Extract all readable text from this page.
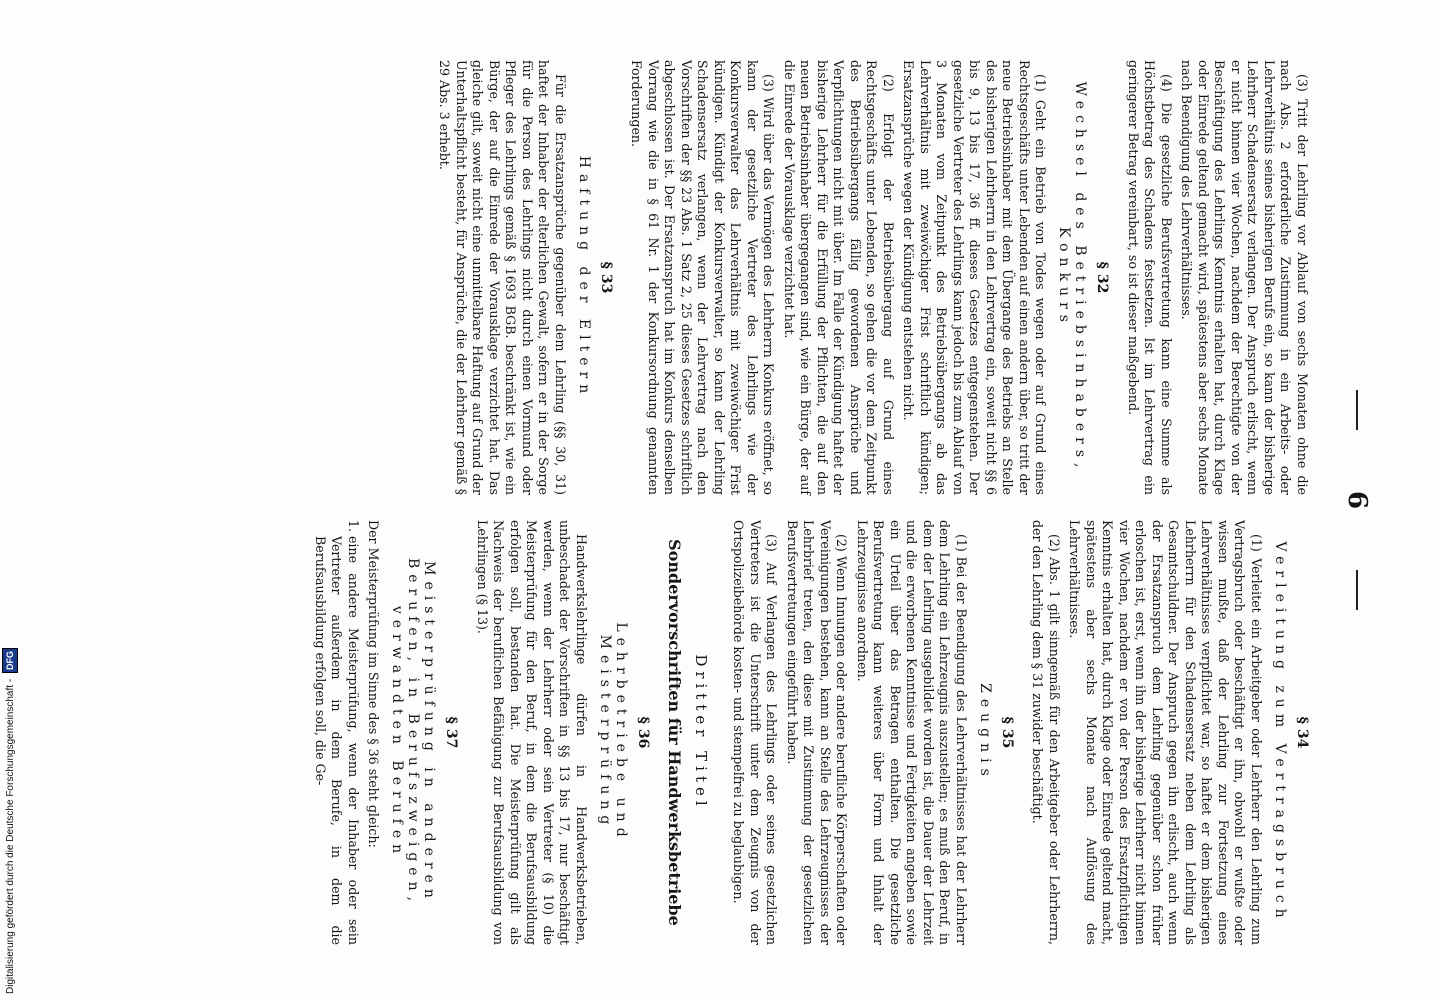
6

(3) Tritt der Lehrling vor Ablauf von sechs Monaten ohne die nach Abs. 2 erforderliche Zustimmung in ein Arbeits- oder Lehrverhältnis seines bisherigen Berufs ein, so kann der bisherige Lehrherr Schadensersatz verlangen. Der Anspruch erlischt, wenn er nicht binnen vier Wochen, nachdem der Berechtigte von der Beschäftigung des Lehrlings Kenntnis erhalten hat, durch Klage oder Einrede geltend gemacht wird, spätestens aber sechs Monate nach Beendigung des Lehrverhältnisses.

(4) Die gesetzliche Berufsvertretung kann eine Summe als Höchstbetrag des Schadens festsetzen. Ist im Lehrvertrag ein geringerer Betrag vereinbart, so ist dieser maßgebend.

§ 32
Wechsel des Betriebsinhabers, Konkurs

(1) Geht ein Betrieb von Todes wegen oder auf Grund eines Rechtsgeschäfts unter Lebenden auf einen andern über, so tritt der neue Betriebsinhaber mit dem Übergange des Betriebs an Stelle des bisherigen Lehrherrn in den Lehrvertrag ein, soweit nicht §§ 6 bis 9, 13 bis 17, 36 ff. dieses Gesetzes entgegenstehen. Der gesetzliche Vertreter des Lehrlings kann jedoch bis zum Ablauf von 3 Monaten vom Zeitpunkt des Betriebsübergangs ab das Lehrverhältnis mit zweiwöchiger Frist schriftlich kündigen; Ersatzansprüche wegen der Kündigung entstehen nicht.

(2) Erfolgt der Betriebsübergang auf Grund eines Rechtsgeschäfts unter Lebenden, so gehen die vor dem Zeitpunkt des Betriebsübergangs fällig gewordenen Ansprüche und Verpflichtungen nicht mit über. Im Falle der Kündigung haftet der bisherige Lehrherr für die Erfüllung der Pflichten, die auf den neuen Betriebsinhaber übergegangen sind, wie ein Bürge, der auf die Einrede der Vorausklage verzichtet hat.

(3) Wird über das Vermögen des Lehrherrn Konkurs eröffnet, so kann der gesetzliche Vertreter des Lehrlings wie der Konkursverwalter das Lehrverhältnis mit zweiwöchiger Frist kündigen. Kündigt der Konkursverwalter, so kann der Lehrling Schadensersatz verlangen, wenn der Lehrvertrag nach den Vorschriften der §§ 23 Abs. 1 Satz 2, 25 dieses Gesetzes schriftlich abgeschlossen ist. Der Ersatzanspruch hat im Konkurs denselben Vorrang wie die in § 61 Nr. 1 der Konkursordnung genannten Forderungen.

§ 33
Haftung der Eltern

Für die Ersatzansprüche gegenüber dem Lehrling (§§ 30, 31) haftet der Inhaber der elterlichen Gewalt, sofern er in der Sorge für die Person des Lehrlings nicht durch einen Vormund oder Pfleger des Lehrlings gemäß § 1693 BGB. beschränkt ist, wie ein Bürge, der auf die Einrede der Vorausklage verzichtet hat. Das gleiche gilt, soweit nicht eine unmittelbare Haftung auf Grund der Unterhaltspflicht besteht, für Ansprüche, die der Lehrherr gemäß § 29 Abs. 3 erhebt.

§ 34
Verleitung zum Vertragsbruch

(1) Verleitet ein Arbeitgeber oder Lehrherr den Lehrling zum Vertragsbruch oder beschäftigt er ihn, obwohl er wußte oder wissen mußte, daß der Lehrling zur Fortsetzung eines Lehrverhältnisses verpflichtet war, so haftet er dem bisherigen Lehrherrn für den Schadensersatz neben dem Lehrling als Gesamtschuldner. Der Anspruch gegen ihn erlischt, auch wenn der Ersatzanspruch dem Lehrling gegenüber schon früher erloschen ist, erst, wenn ihn der bisherige Lehrherr nicht binnen vier Wochen, nachdem er von der Person des Ersatzpflichtigen Kenntnis erhalten hat, durch Klage oder Einrede geltend macht, spätestens aber sechs Monate nach Auflösung des Lehrverhältnisses.

(2) Abs. 1 gilt sinngemäß für den Arbeitgeber oder Lehrherrn, der den Lehrling dem § 31 zuwider beschäftigt.

§ 35
Zeugnis

(1) Bei der Beendigung des Lehrverhältnisses hat der Lehrherr dem Lehrling ein Lehrzeugnis auszustellen; es muß den Beruf, in dem der Lehrling ausgebildet worden ist, die Dauer der Lehrzeit und die erworbenen Kenntnisse und Fertigkeiten angeben sowie ein Urteil über das Betragen enthalten. Die gesetzliche Berufsvertretung kann weiteres über Form und Inhalt der Lehrzeugnisse anordnen.

(2) Wenn Innungen oder andere berufliche Körperschaften oder Vereinigungen bestehen, kann an Stelle des Lehrzeugnisses der Lehrbrief treten, den diese mit Zustimmung der gesetzlichen Berufsvertretungen eingeführt haben.

(3) Auf Verlangen des Lehrlings oder seines gesetzlichen Vertreters ist die Unterschrift unter dem Zeugnis von der Ortspolizeibehörde kosten- und stempelfrei zu beglaubigen.

Dritter Titel
Sondervorschriften für Handwerksbetriebe
§ 36
Lehrbetriebe und Meisterprüfung

Handwerkslehrlinge dürfen in Handwerksbetrieben, unbeschadet der Vorschriften in §§ 13 bis 17, nur beschäftigt werden, wenn der Lehrherr oder sein Vertreter (§ 10) die Meisterprüfung für den Beruf, in dem die Berufsausbildung erfolgen soll, bestanden hat. Die Meisterprüfung gilt als Nachweis der beruflichen Befähigung zur Berufsausbildung von Lehrlingen (§ 13).

§ 37
Meisterprüfung in anderen Berufen, in Berufszweigen, verwandten Berufen

Der Meisterprüfung im Sinne des § 36 steht gleich:

1.
eine andere Meisterprüfung, wenn der Inhaber oder sein Vertreter außerdem in dem Berufe, in dem die Berufsausbildung erfolgen soll, die Ge-
Digitalisierung gefördert durch die Deutsche Forschungsgemeinschaft - DFG
